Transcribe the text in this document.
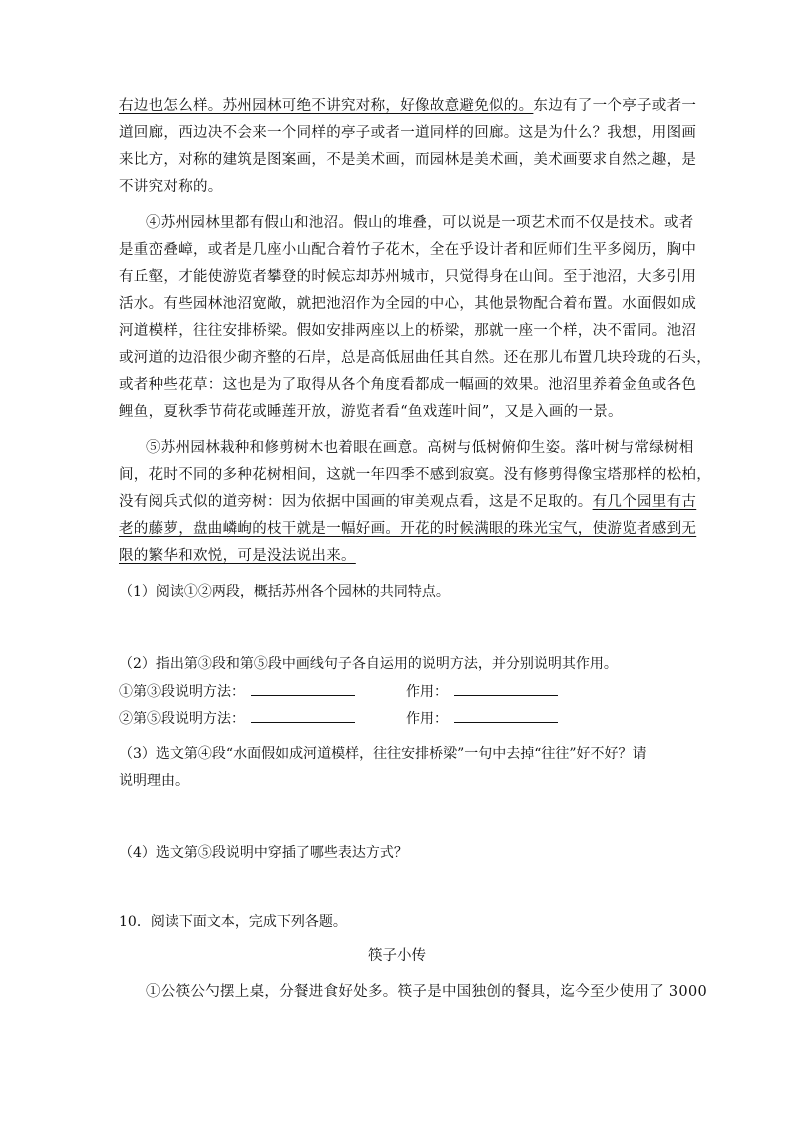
右边也怎么样。苏州园林可绝不讲究对称，好像故意避免似的。东边有了一个亭子或者一
道回廊，西边决不会来一个同样的亭子或者一道同样的回廊。这是为什么？我想，用图画
来比方，对称的建筑是图案画，不是美术画，而园林是美术画，美术画要求自然之趣，是
不讲究对称的。
④苏州园林里都有假山和池沼。假山的堆叠，可以说是一项艺术而不仅是技术。或者
是重峦叠嶂，或者是几座小山配合着竹子花木，全在乎设计者和匠师们生平多阅历，胸中
有丘壑，才能使游览者攀登的时候忘却苏州城市，只觉得身在山间。至于池沼，大多引用
活水。有些园林池沼宽敞，就把池沼作为全园的中心，其他景物配合着布置。水面假如成
河道模样，往往安排桥梁。假如安排两座以上的桥梁，那就一座一个样，决不雷同。池沼
或河道的边沿很少砌齐整的石岸，总是高低屈曲任其自然。还在那儿布置几块玲珑的石头，
或者种些花草：这也是为了取得从各个角度看都成一幅画的效果。池沼里养着金鱼或各色
鲤鱼，夏秋季节荷花或睡莲开放，游览者看“鱼戏莲叶间”，又是入画的一景。
⑤苏州园林栽种和修剪树木也着眼在画意。高树与低树俯仰生姿。落叶树与常绿树相
间，花时不同的多种花树相间，这就一年四季不感到寂寞。没有修剪得像宝塔那样的松柏，
没有阅兵式似的道旁树：因为依据中国画的审美观点看，这是不足取的。有几个园里有古
老的藤萝，盘曲嶙峋的枝干就是一幅好画。开花的时候满眼的珠光宝气，使游览者感到无
限的繁华和欢悦，可是没法说出来。
（1）阅读①②两段，概括苏州各个园林的共同特点。
（2）指出第③段和第⑤段中画线句子各自运用的说明方法，并分别说明其作用。
①第③段说明方法：	作用：
②第⑤段说明方法：	作用：
（3）选文第④段“水面假如成河道模样，往往安排桥梁”一句中去掉“往往”好不好？请
说明理由。
（4）选文第⑤段说明中穿插了哪些表达方式？
10．阅读下面文本，完成下列各题。
筷子小传
①公筷公勺摆上桌，分餐进食好处多。筷子是中国独创的餐具，迄今至少使用了 3000
